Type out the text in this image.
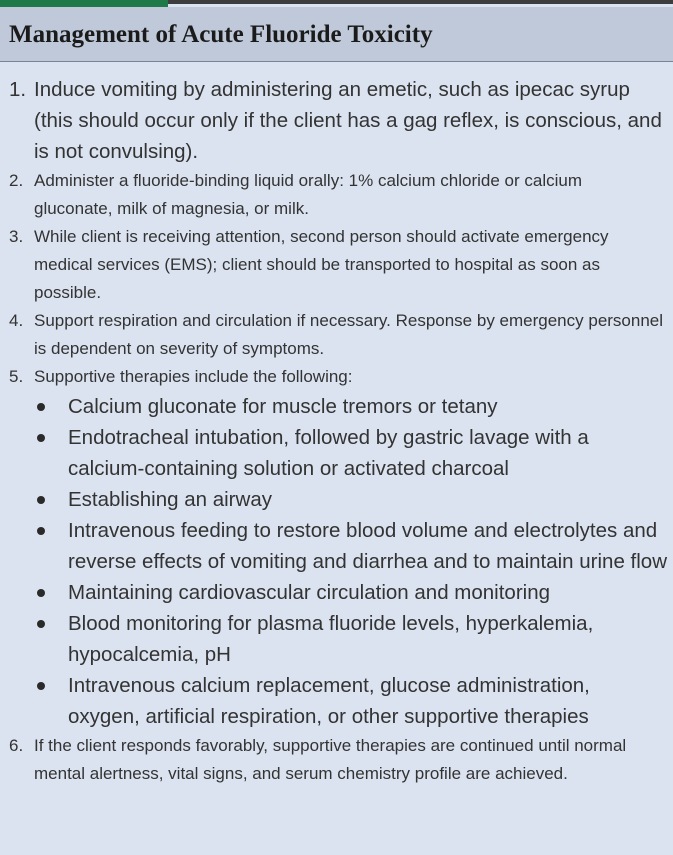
Management of Acute Fluoride Toxicity
1. Induce vomiting by administering an emetic, such as ipecac syrup (this should occur only if the client has a gag reflex, is conscious, and is not convulsing).
2. Administer a fluoride-binding liquid orally: 1% calcium chloride or calcium gluconate, milk of magnesia, or milk.
3. While client is receiving attention, second person should activate emergency medical services (EMS); client should be transported to hospital as soon as possible.
4. Support respiration and circulation if necessary. Response by emergency personnel is dependent on severity of symptoms.
5. Supportive therapies include the following:
Calcium gluconate for muscle tremors or tetany
Endotracheal intubation, followed by gastric lavage with a calcium-containing solution or activated charcoal
Establishing an airway
Intravenous feeding to restore blood volume and electrolytes and reverse effects of vomiting and diarrhea and to maintain urine flow
Maintaining cardiovascular circulation and monitoring
Blood monitoring for plasma fluoride levels, hyperkalemia, hypocalcemia, pH
Intravenous calcium replacement, glucose administration, oxygen, artificial respiration, or other supportive therapies
6. If the client responds favorably, supportive therapies are continued until normal mental alertness, vital signs, and serum chemistry profile are achieved.
